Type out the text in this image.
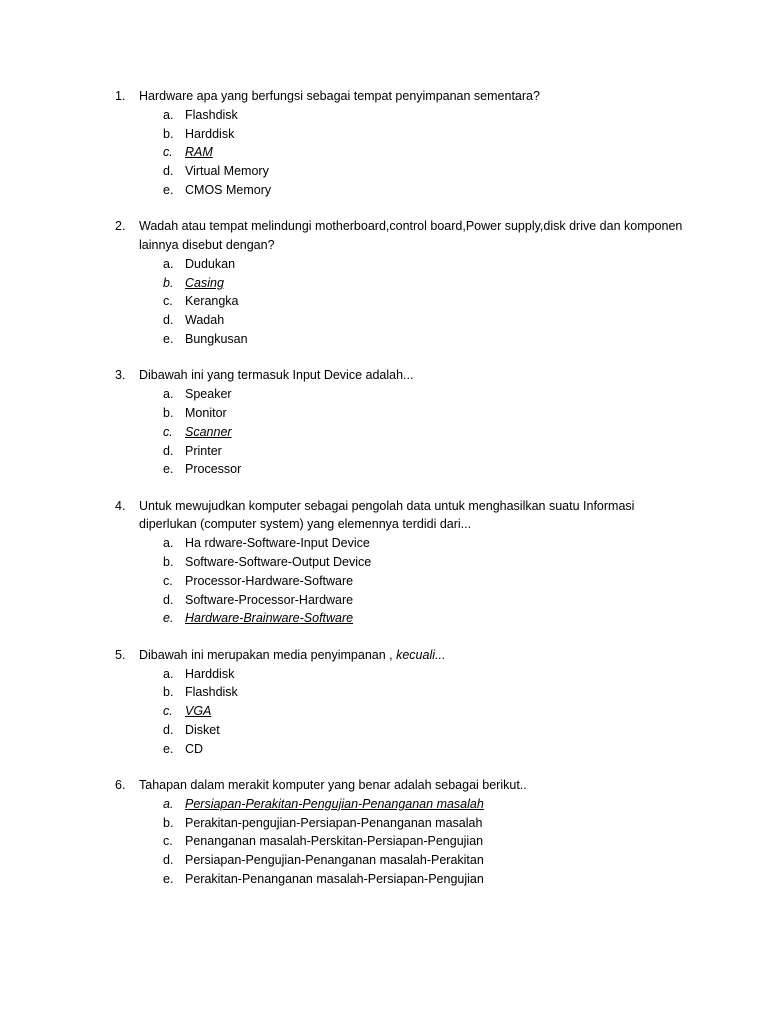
1. Hardware apa yang berfungsi sebagai tempat penyimpanan sementara?
a. Flashdisk
b. Harddisk
c. RAM
d. Virtual Memory
e. CMOS Memory
2. Wadah atau tempat melindungi motherboard,control board,Power supply,disk drive dan komponen lainnya disebut dengan?
a. Dudukan
b. Casing
c. Kerangka
d. Wadah
e. Bungkusan
3. Dibawah ini yang termasuk Input Device adalah...
a. Speaker
b. Monitor
c. Scanner
d. Printer
e. Processor
4. Untuk mewujudkan komputer sebagai pengolah data untuk menghasilkan suatu Informasi diperlukan (computer system) yang elemennya terdidi dari...
a. Ha rdware-Software-Input Device
b. Software-Software-Output Device
c. Processor-Hardware-Software
d. Software-Processor-Hardware
e. Hardware-Brainware-Software
5. Dibawah ini merupakan media penyimpanan , kecuali...
a. Harddisk
b. Flashdisk
c. VGA
d. Disket
e. CD
6. Tahapan dalam merakit komputer yang benar adalah sebagai berikut..
a. Persiapan-Perakitan-Pengujian-Penanganan masalah
b. Perakitan-pengujian-Persiapan-Penanganan masalah
c. Penanganan masalah-Perskitan-Persiapan-Pengujian
d. Persiapan-Pengujian-Penanganan masalah-Perakitan
e. Perakitan-Penanganan masalah-Persiapan-Pengujian
